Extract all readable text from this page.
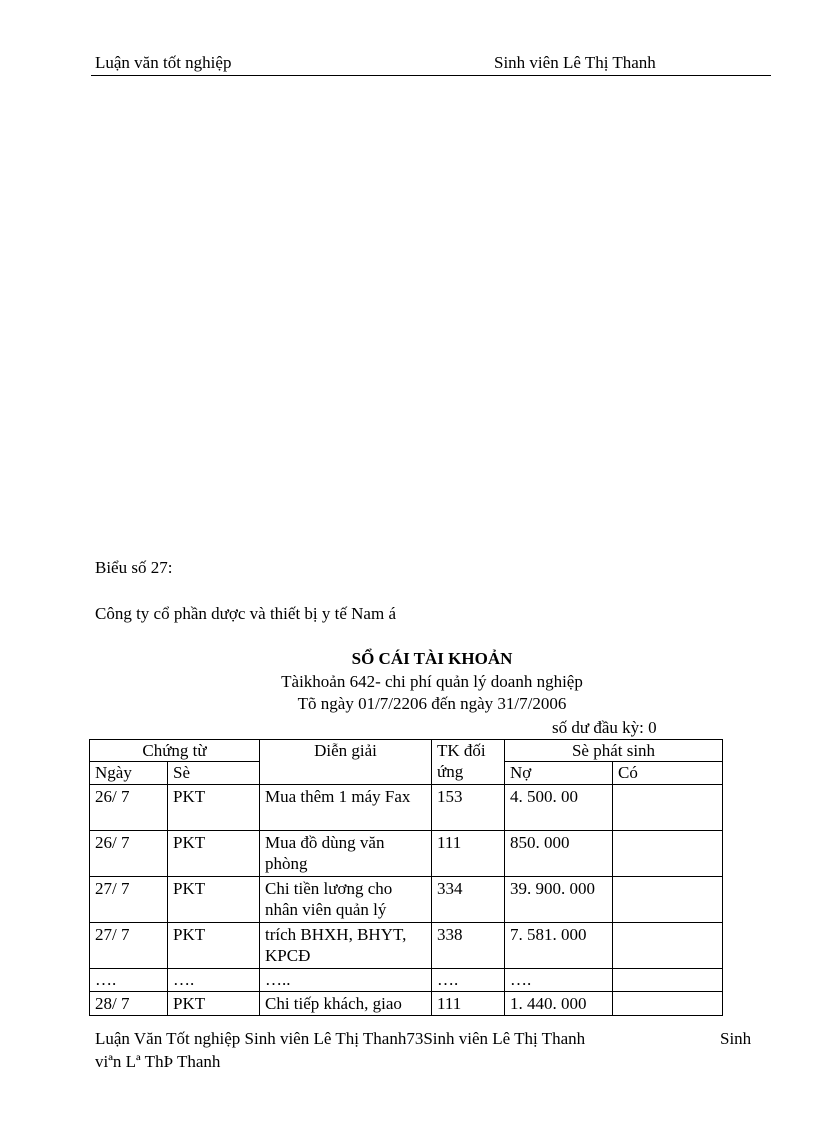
Luận văn tốt nghiệp	Sinh viên Lê Thị Thanh
Biểu số 27:
Công ty cổ phần dược và thiết bị y tế Nam á
SỔ CÁI TÀI KHOẢN
Tàikhoản 642- chi phí quản lý doanh nghiệp
Tõ ngày 01/7/2206 đến ngày 31/7/2006
số dư đầu kỳ: 0
Chứng từ		Diễn giải	TK đối ứng	Sè phát sinh	
Ngày	Sè			Nợ	Có
26/ 7	PKT	Mua thêm 1 máy Fax	153	4. 500. 00	
26/ 7	PKT	Mua đồ dùng văn phòng	111	850. 000	
27/ 7	PKT	Chi tiền lương cho nhân viên quản lý	334	39. 900. 000	
27/ 7	PKT	trích BHXH, BHYT, KPCĐ	338	7. 581. 000	
….	….	…..	….	….	
28/ 7	PKT	Chi tiếp khách, giao	111	1. 440. 000	
Luận Văn Tốt nghiệp Sinh viên Lê Thị Thanh73Sinh viên Lê Thị Thanh	Sinh
viªn Lª ThÞ Thanh
